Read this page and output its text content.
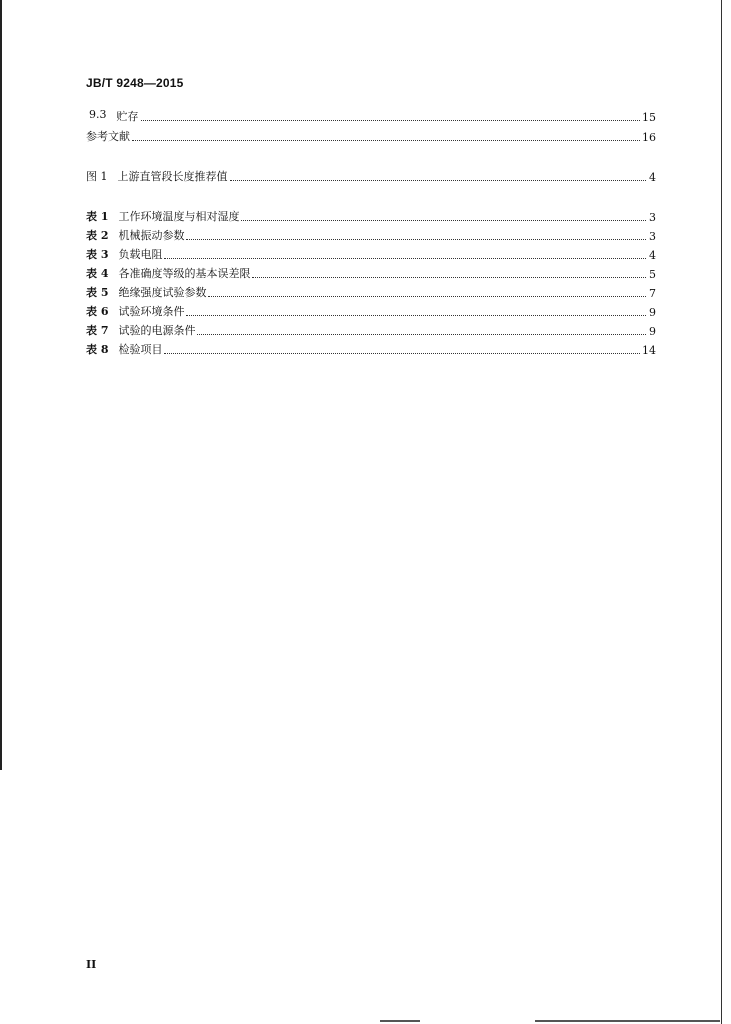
JB/T 9248—2015
9.3 贮存	15
参考文献	16
图 1 上游直管段长度推荐值	4
表 1 工作环境温度与相对湿度	3
表 2 机械振动参数	3
表 3 负载电阻	4
表 4 各准确度等级的基本误差限	5
表 5 绝缘强度试验参数	7
表 6 试验环境条件	9
表 7 试验的电源条件	9
表 8 检验项目	14
II
